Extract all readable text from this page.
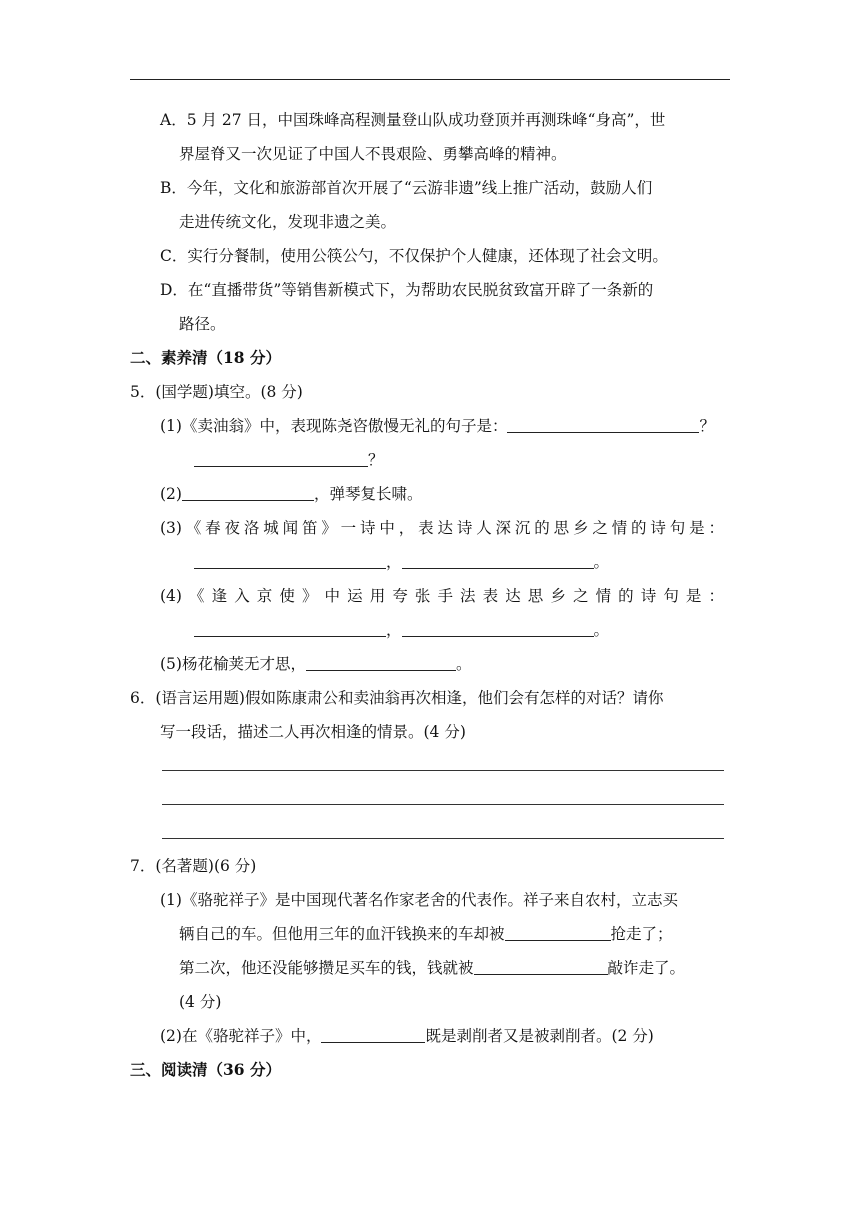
A．5 月 27 日，中国珠峰高程测量登山队成功登顶并再测珠峰“身高”，世
界屋脊又一次见证了中国人不畏艰险、勇攀高峰的精神。
B．今年，文化和旅游部首次开展了“云游非遗”线上推广活动，鼓励人们
走进传统文化，发现非遗之美。
C．实行分餐制，使用公筷公勺，不仅保护个人健康，还体现了社会文明。
D．在“直播带货”等销售新模式下，为帮助农民脱贫致富开辟了一条新的
路径。
二、素养清（18 分）
5．(国学题)填空。(8 分)
(1)《卖油翁》中，表现陈尧咨傲慢无礼的句子是：	？
？
(2)	，弹琴复长啸。
(3)《春夜洛城闻笛》一诗中，表达诗人深沉的思乡之情的诗句是：
，	。
(4)《逢入京使》中运用夸张手法表达思乡之情的诗句是：
，	。
(5)杨花榆荚无才思，	。
6．(语言运用题)假如陈康肃公和卖油翁再次相逢，他们会有怎样的对话？请你
写一段话，描述二人再次相逢的情景。(4 分)
7．(名著题)(6 分)
(1)《骆驼祥子》是中国现代著名作家老舍的代表作。祥子来自农村，立志买
辆自己的车。但他用三年的血汗钱换来的车却被	抢走了；
第二次，他还没能够攒足买车的钱，钱就被	敲诈走了。
(4 分)
(2)在《骆驼祥子》中，	既是剥削者又是被剥削者。(2 分)
三、阅读清（36 分）
